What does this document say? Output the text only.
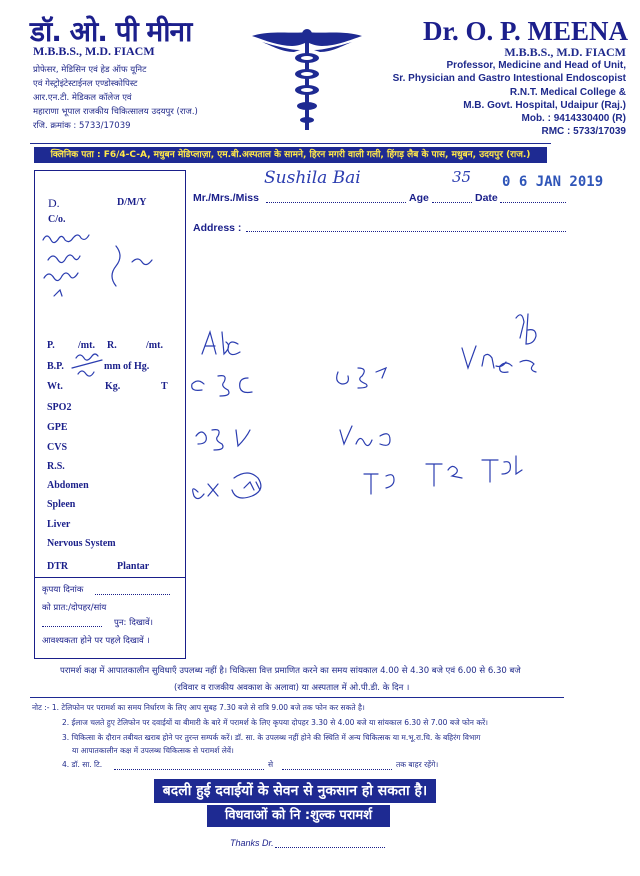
डॉ. ओ. पी मीना
M.B.B.S., M.D. FIACM
प्रोफेसर, मेडिसिन एवं हेड ऑफ यूनिट
एवं गेस्ट्रोइंटेस्टाईनल एण्डोस्कोपिस्ट
आर.एन.टी. मेडिकल कॉलेज एवं
महाराणा भूपाल राजकीय चिकित्सालय उदयपुर (राज.)
रजि. क्रमांक : 5733/17039
Dr. O. P. MEENA
M.B.B.S., M.D. FIACM
Professor, Medicine and Head of Unit,
Sr. Physician and Gastro Intestional Endoscopist
R.N.T. Medical College &
M.B. Govt. Hospital, Udaipur (Raj.)
Mob. : 9414330400 (R)
RMC : 5733/17039
क्लिनिक पता : F6/4-C-A, मधुबन मेडिप्लाज़ा, एम.बी.अस्पताल के सामने, हिरन मगरी वाली गली, हिंगड़ लैब के पास, मधुबन, उदयपुर (राज.)
D.	D/M/Y
C/o.
P. /mt. R.	/mt.
B.P.	mm of Hg.
Wt.	Kg.	T
SPO2
GPE
CVS
R.S.
Abdomen
Spleen
Liver
Nervous System
DTR	Plantar
कृपया दिनांक
को प्रात:/दोपहर/सांय
पुन: दिखावें।
आवश्यकता होने पर पहले दिखावें ।
Mr./Mrs./Miss	Age	Date
Address :
Sushila Bai	35 0 6 JAN 2019
परामर्श कक्ष में आपातकालीन सुविधाएँ उपलब्ध नहीं है। चिकित्सा वित्त प्रमाणित करने का समय सांयकाल 4.00 से 4.30 बजे एवं 6.00 से 6.30 बजे
(रविवार व राजकीय अवकाश के अलावा) या अस्पताल में ओ.पी.डी. के दिन ।
नोट :- 1. टेलिफोन पर परामर्श का समय निर्धारण के लिए आप सुबह 7.30 बजे से रात्रि 9.00 बजे तक फोन कर सकते है।
2. ईलाज चलते हुए टेलिफोन पर दवाईयों या बीमारी के बारे में परामर्श के लिए कृपया दोपहर 3.30 से 4.00 बजे या सांयकाल 6.30 से 7.00 बजे फोन करें।
3. चिकित्सा के दौरान तबीयत खराब होने पर तुरन्त सम्पर्क करें। डॉ. सा. के उपलब्ध नहीं होने की स्थिति में अन्य चिकित्सक या म.भू.रा.चि. के बहिरंग विभाग
या आपातकालीन कक्ष में उपलब्ध चिकित्सक से परामर्श लेवें।
4. डॉ. सा. टि.	से	तक बाहर रहेंगे।
बदली हुई दवाईयों के सेवन से नुकसान हो सकता है।
विधवाओं को नि :शुल्क परामर्श
Thanks Dr.
